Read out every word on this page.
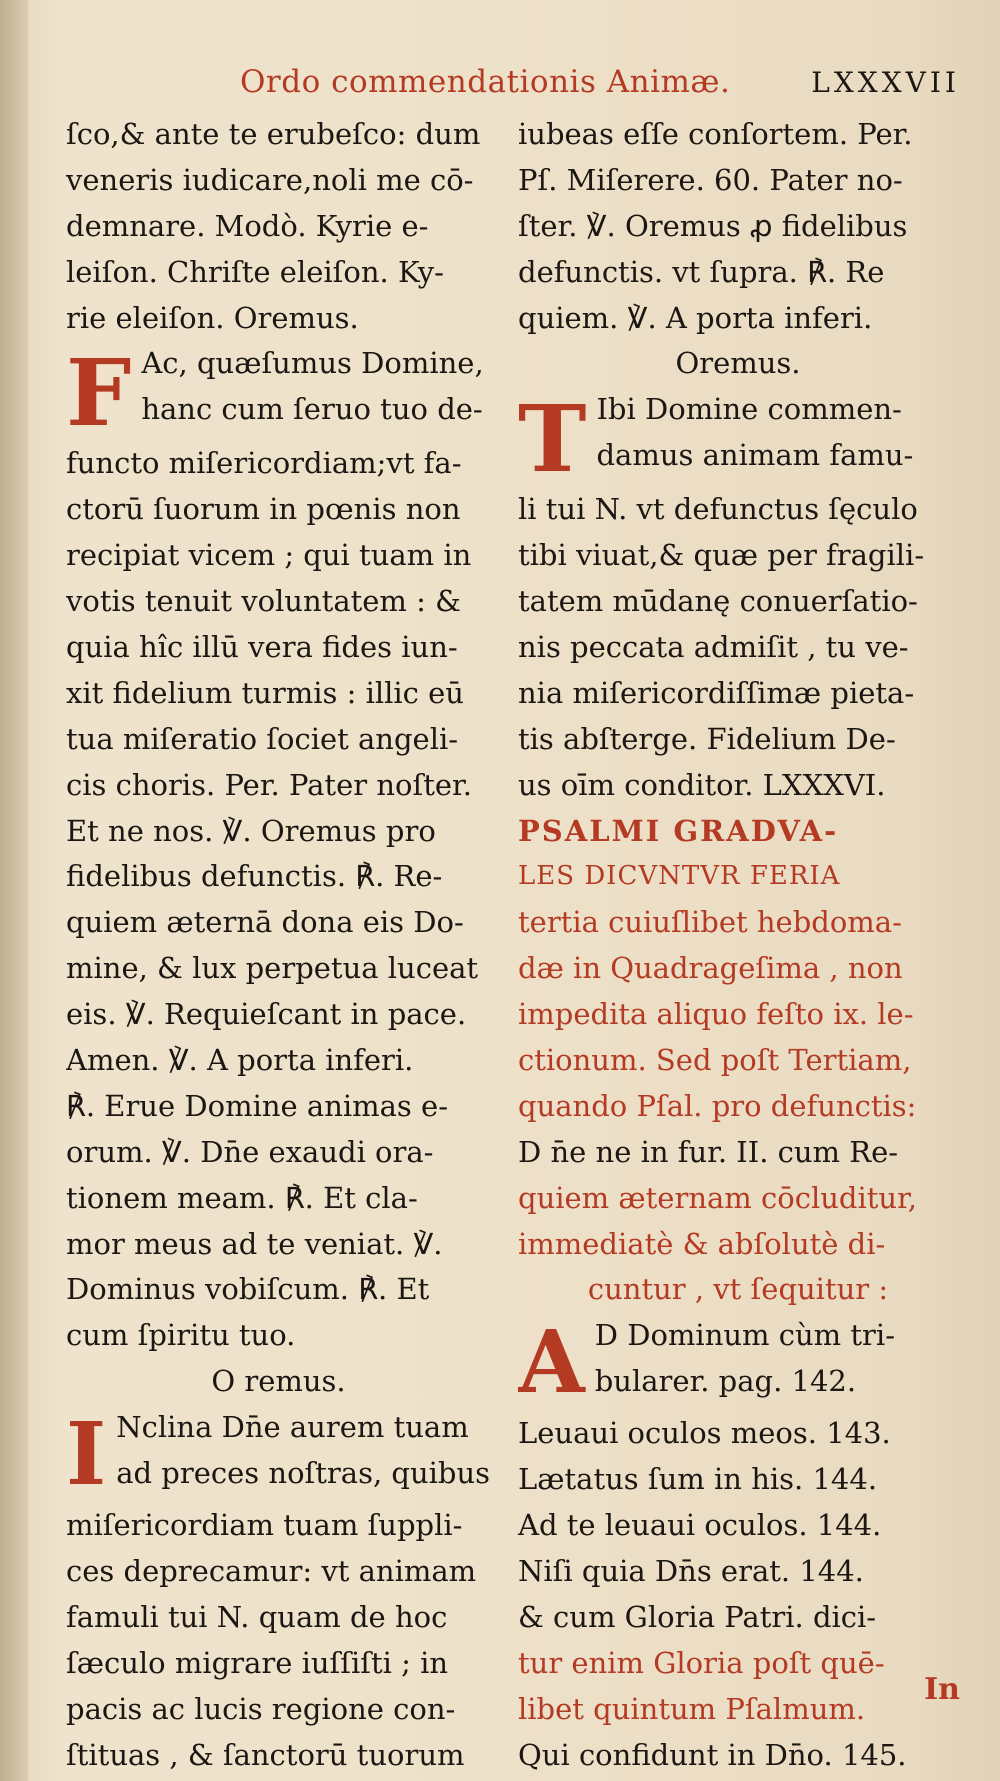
Ordo commendationis Animæ.	LXXXVII
ſco,& ante te erubeſco: dum
veneris iudicare,noli me cō-
demnare. Modò. Kyrie e-
leiſon. Chriſte eleiſon. Ky-
rie eleiſon. Oremus.
F Ac, quæſumus Domine,
hanc cum ſeruo tuo de-
functo miſericordiam;vt fa-
ctorū ſuorum in pœnis non
recipiat vicem ; qui tuam in
votis tenuit voluntatem : &
quia hîc illū vera fides iun-
xit fidelium turmis : illic eū
tua miſeratio ſociet angeli-
cis choris. Per. Pater noſter.
Et ne nos. ℣. Oremus pro
fidelibus defunctis. ℟. Re-
quiem æternā dona eis Do-
mine, & lux perpetua luceat
eis. ℣. Requieſcant in pace.
Amen. ℣. A porta inferi.
℟. Erue Domine animas e-
orum. ℣. Dn̄e exaudi ora-
tionem meam. ℟. Et cla-
mor meus ad te veniat. ℣.
Dominus vobiſcum. ℟. Et
cum ſpiritu tuo.
O remus.
I Nclina Dn̄e aurem tuam
ad preces noſtras, quibus
miſericordiam tuam ſuppli-
ces deprecamur: vt animam
famuli tui N. quam de hoc
ſæculo migrare iuſſiſti ; in
pacis ac lucis regione con-
ſtituas , & ſanctorū tuorum
iubeas eſſe conſortem. Per.
Pſ. Miſerere. 60. Pater no-
ſter. ℣. Oremus ꝓ fidelibus
defunctis. vt ſupra. ℟. Re
quiem. ℣. A porta inferi.
Oremus.
T Ibi Domine commen-
damus animam famu-
li tui N. vt defunctus ſęculo
tibi viuat,& quæ per fragili-
tatem mūdanę conuerſatio-
nis peccata admiſit , tu ve-
nia miſericordiſſimæ pieta-
tis abſterge. Fidelium De-
us oīm conditor. LXXXVI.
PSALMI GRADVA-
LES DICVNTVR FERIA
tertia cuiuſlibet hebdoma-
dæ in Quadrageſima , non
impedita aliquo feſto ix. le-
ctionum. Sed poſt Tertiam,
quando Pſal. pro defunctis:
D n̄e ne in fur. II. cum Re-
quiem æternam cōcluditur,
immediatè & abſolutè di-
cuntur , vt ſequitur :
A D Dominum cùm tri-
bularer. pag. 142.
Leuaui oculos meos. 143.
Lætatus ſum in his. 144.
Ad te leuaui oculos. 144.
Niſi quia Dn̄s erat. 144.
& cum Gloria Patri. dici-
tur enim Gloria poſt quē-
libet quintum Pſalmum.
Qui confidunt in Dn̄o. 145.
In
